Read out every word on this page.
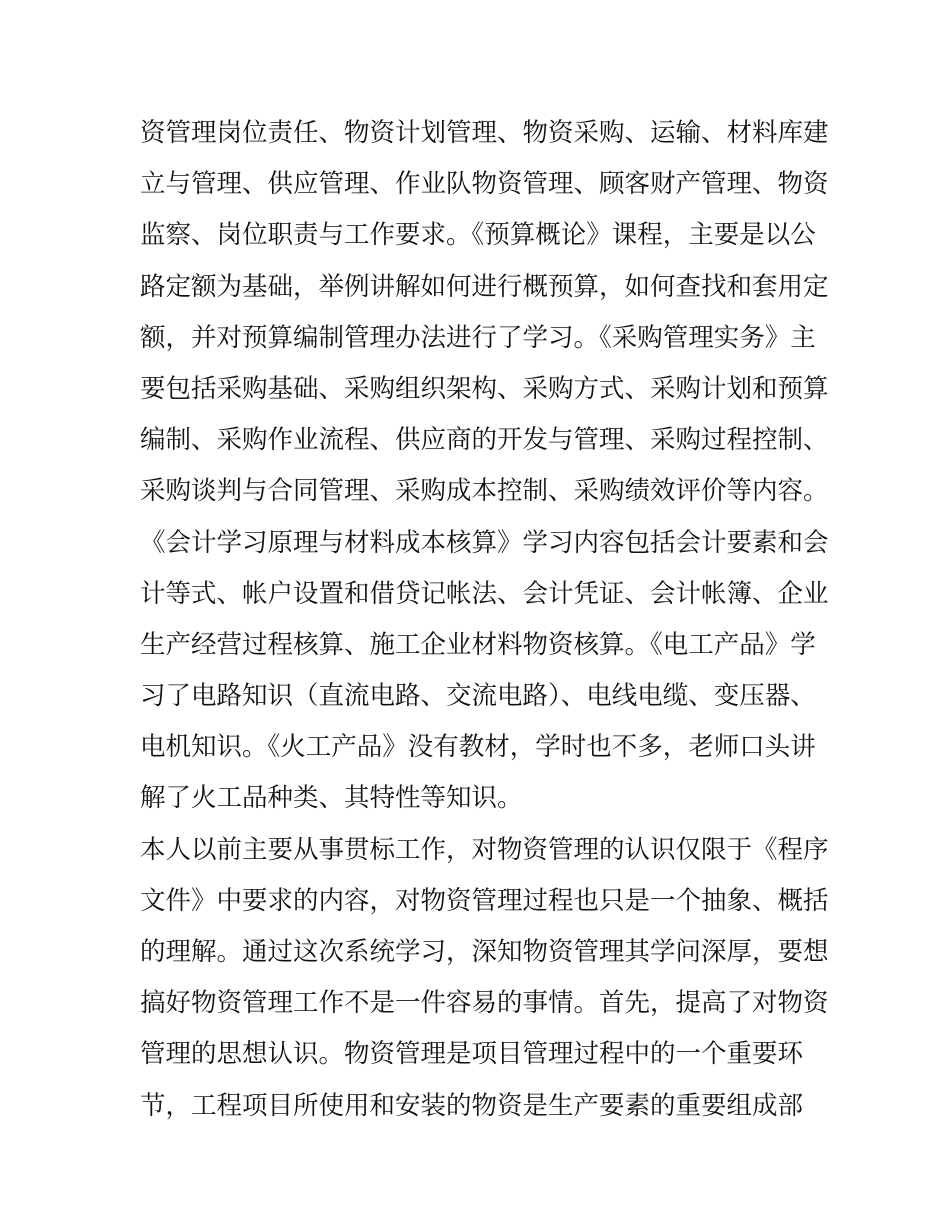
资管理岗位责任、物资计划管理、物资采购、运输、材料库建
立与管理、供应管理、作业队物资管理、顾客财产管理、物资
监察、岗位职责与工作要求。《预算概论》课程，主要是以公
路定额为基础，举例讲解如何进行概预算，如何查找和套用定
额，并对预算编制管理办法进行了学习。《采购管理实务》主
要包括采购基础、采购组织架构、采购方式、采购计划和预算
编制、采购作业流程、供应商的开发与管理、采购过程控制、
采购谈判与合同管理、采购成本控制、采购绩效评价等内容。
《会计学习原理与材料成本核算》学习内容包括会计要素和会
计等式、帐户设置和借贷记帐法、会计凭证、会计帐簿、企业
生产经营过程核算、施工企业材料物资核算。《电工产品》学
习了电路知识（直流电路、交流电路）、电线电缆、变压器、
电机知识。《火工产品》没有教材，学时也不多，老师口头讲
解了火工品种类、其特性等知识。
本人以前主要从事贯标工作，对物资管理的认识仅限于《程序
文件》中要求的内容，对物资管理过程也只是一个抽象、概括
的理解。通过这次系统学习，深知物资管理其学问深厚，要想
搞好物资管理工作不是一件容易的事情。首先，提高了对物资
管理的思想认识。物资管理是项目管理过程中的一个重要环
节，工程项目所使用和安装的物资是生产要素的重要组成部
